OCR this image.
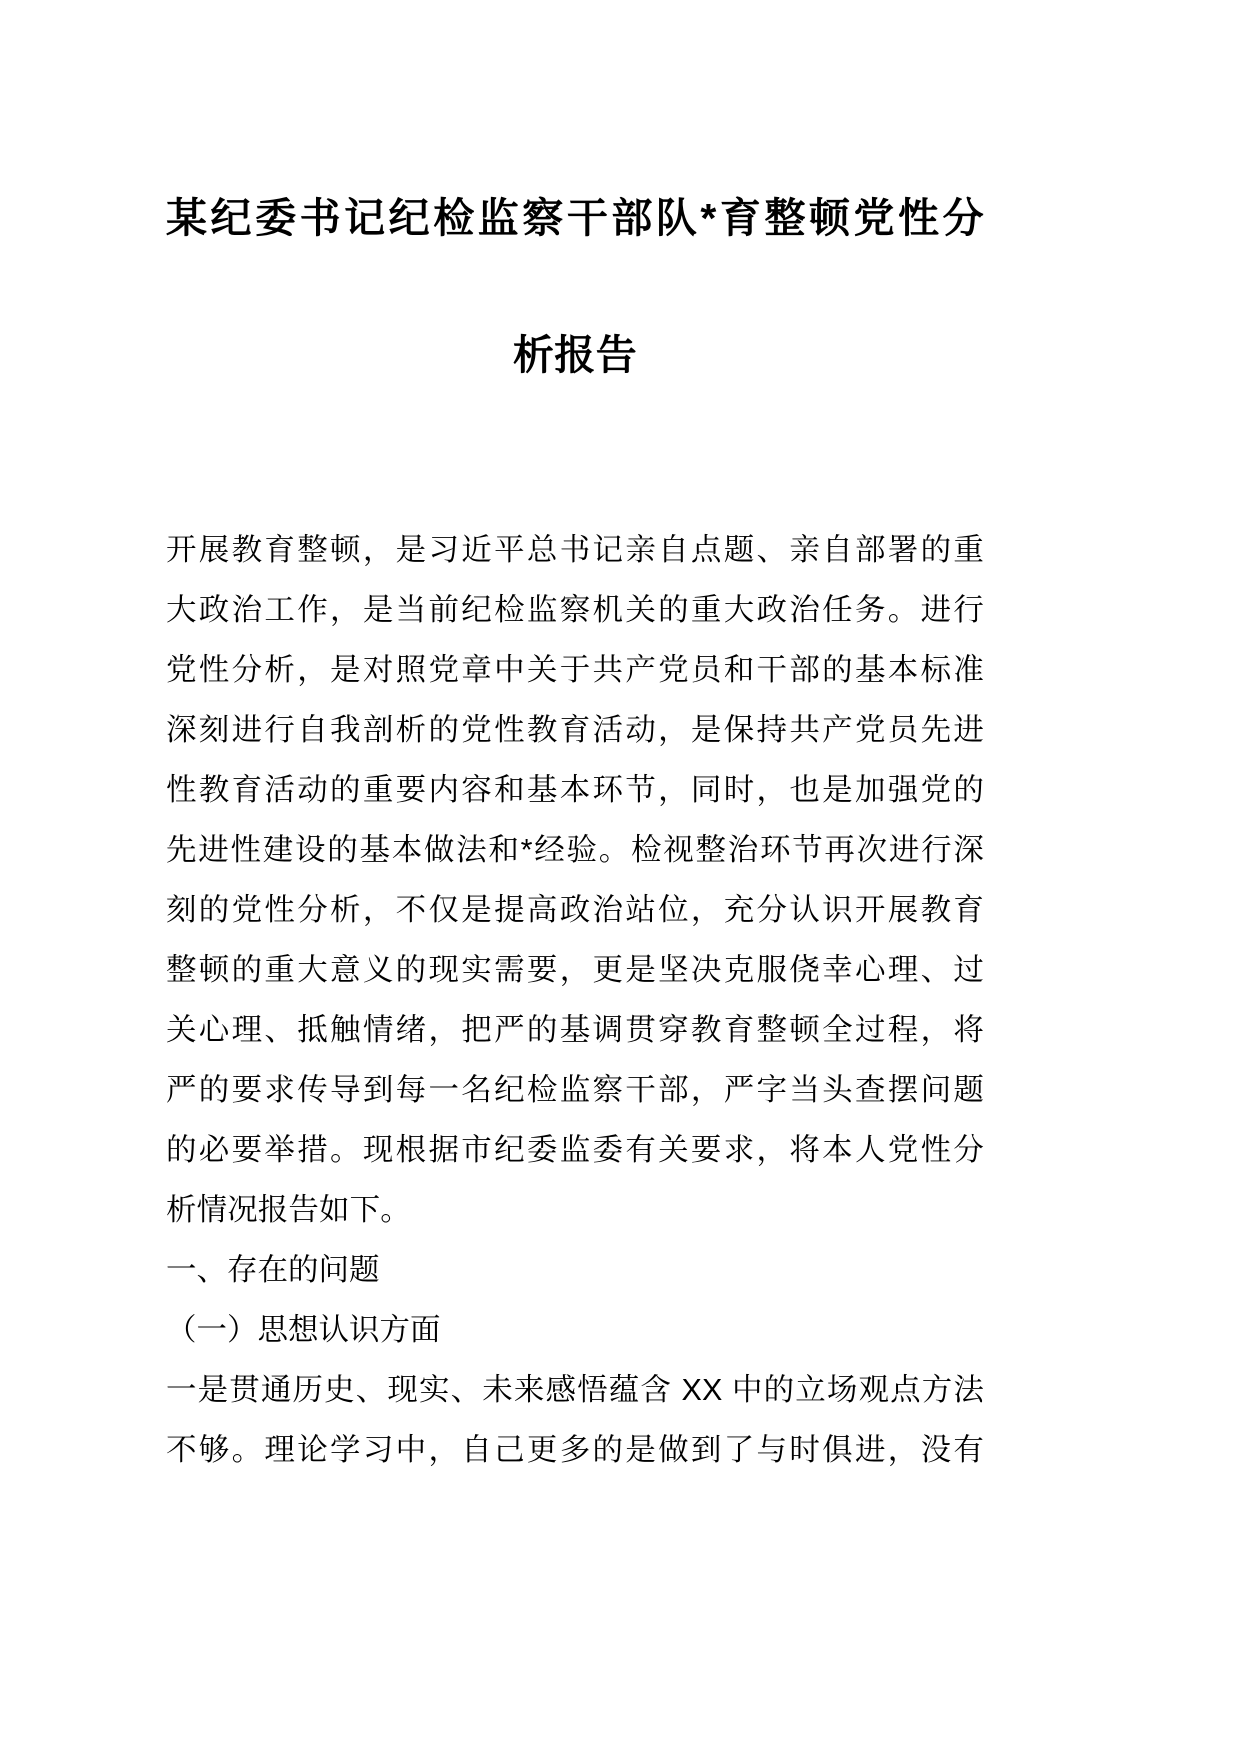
某纪委书记纪检监察干部队*育整顿党性分
析报告
开展教育整顿，是习近平总书记亲自点题、亲自部署的重
大政治工作，是当前纪检监察机关的重大政治任务。进行
党性分析，是对照党章中关于共产党员和干部的基本标准
深刻进行自我剖析的党性教育活动，是保持共产党员先进
性教育活动的重要内容和基本环节，同时，也是加强党的
先进性建设的基本做法和*经验。检视整治环节再次进行深
刻的党性分析，不仅是提高政治站位，充分认识开展教育
整顿的重大意义的现实需要，更是坚决克服侥幸心理、过
关心理、抵触情绪，把严的基调贯穿教育整顿全过程，将
严的要求传导到每一名纪检监察干部，严字当头查摆问题
的必要举措。现根据市纪委监委有关要求，将本人党性分
析情况报告如下。
一、存在的问题
（一）思想认识方面
一是贯通历史、现实、未来感悟蕴含 XX 中的立场观点方法
不够。理论学习中，自己更多的是做到了与时俱进，没有
